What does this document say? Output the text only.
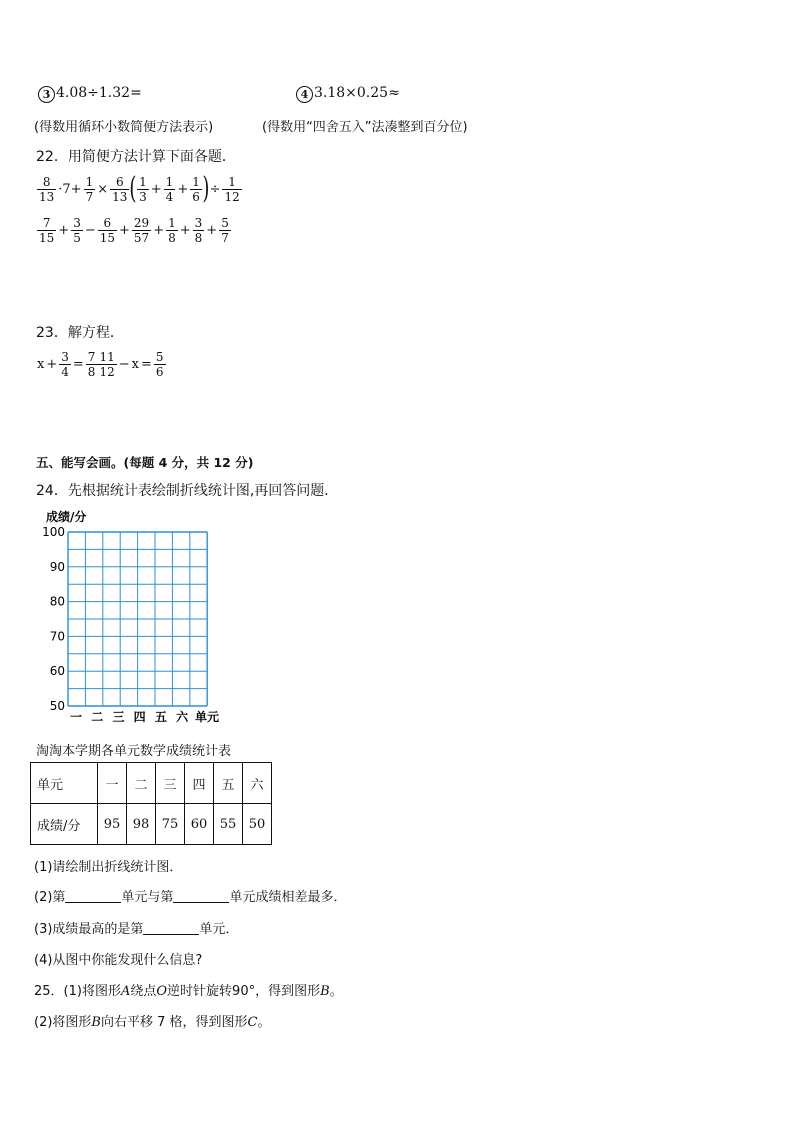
3 4.08÷1.32=	4 3.18×0.25≈
(得数用循环小数简便方法表示)	(得数用“四舍五入”法凑整到百分位)
22．用简便方法计算下面各题．
$\frac{8}{13} \cdot 7+ \frac{1}{7} \times \frac{6}{13}$ ( $\frac{1}{3} + \frac{1}{4} + \frac{1}{6}$ )÷ $\frac{1}{12}$
$\frac{7}{15} + \frac{3}{5} - \frac{6}{15} + \frac{29}{57} + \frac{1}{8} + \frac{3}{8} + \frac{5}{7}$
23．解方程．
$x + \frac{3}{4} = \frac{7}{8} \frac{11}{12} - x = \frac{5}{6}$
五、能写会画。(每题 4 分，共 12 分)
24．先根据统计表绘制折线统计图,再回答问题．
成绩/分
100
90
80
70
60
50
一 二 三 四 五 六 单元
淘淘本学期各单元数学成绩统计表
单元	一	二	三	四	五	六
成绩/分	95	98	75	60	55	50
(1)请绘制出折线统计图．
(2)第	单元与第	单元成绩相差最多．
(3)成绩最高的是第	单元．
(4)从图中你能发现什么信息?
25．(1)将图形A绕点O逆时针旋转90°，得到图形B。
(2)将图形B向右平移 7 格，得到图形C。
